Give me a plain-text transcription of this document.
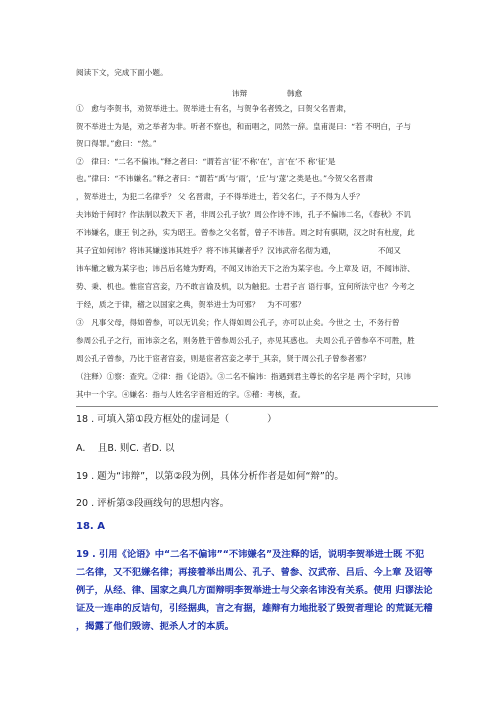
阅读下文，完成下面小题。
讳辩	韩愈
①　愈与李贺书，劝贺举进士。贺举进士有名，与贺争名者毁之，曰贺父名晋肃，
贺不举进士为是，劝之举者为非。听者不察也，和而唱之，同然一辞。皇甫湜曰：“若 不明白，子与
贺口得罪。”愈曰：“然。”
②　律曰：“二名不偏讳。”释之者曰：“谓若言‘征’不称‘在’，言‘在’不 称‘征’是
也。”律曰：“不讳嫌名。”释之者曰：“谓若“禹’与‘雨’，‘丘’与‘蓫’之类是也。”今贺父名晋肃
，贺举进士，为犯二名律乎？ 父 名晋肃，子不得举进士，若父名仁，子不得为人乎？
夫讳始于何时？作法制以教天下 者，非周公孔子欤？周公作诗不讳，孔子不偏讳二名，《春秋》不讥
不讳嫌名，康王 钊之孙，实为昭王。曾参之父名皙，曾子不讳昔。周之时有骐期，汉之时有杜度，此
其子宜如何讳？将讳其嫌遂讳其姓乎？将不讳其嫌者乎？汉讳武帝名彻为通，　　　　　　不闻又
讳车辙之辙为某字也；讳吕后名雉为野鸡，不闻又讳治天下之治为某字也。今上章及 诏，不闻讳浒、
势、秉、机也。惟宦官宫妾，乃不敢言谕及机，以为触犯。士君子言 语行事，宜何所法守也？今考之
于经，质之于律，稽之以国家之典，贺举进士为可邪？　为不可邪？
③　凡事父母，得如曾参，可以无讥矣；作人得如周公孔子，亦可以止矣。今世之 士，不务行曾
参周公孔子之行，而讳亲之名，则务胜于曾参周公孔子，亦见其惑也。 夫周公孔子曾参卒不可胜，胜
周公孔子曾参，乃比于宦者宫妾，则是宦者宫妾之孝于_其亲，贤于周公孔子曾参者邪？
（注释）①察：查究。②律：指《论语》。③二名不偏讳：指遇到君主尊长的名字是 两个字时，只讳
其中一个字。④嫌名：指与人姓名字音相近的字。⑤稽：考核，查。
18 . 可填入第①段方框处的虚词是（　　　　）
A.　 且B. 则C. 者D. 以
19 . 题为“讳辩”，以第②段为例，具体分析作者是如何“辩”的。
20 . 评析第③段画线句的思想内容。
18. A
19 . 引用《论语》中“二名不偏讳”“不讳嫌名”及注释的话，说明李贺举进士既 不犯
二名律，又不犯嫌名律；再接着举出周公、孔子、曾参、汉武帝、吕后、今上章 及诏等
例子，从经、律、国家之典几方面辩明李贺举进士与父亲名讳没有关系。使用 归谬法论
证及一连串的反诘句，引经据典，言之有据，雄辩有力地批驳了毁贺者理论 的荒诞无稽
，揭露了他们毁谤、扼杀人才的本质。
